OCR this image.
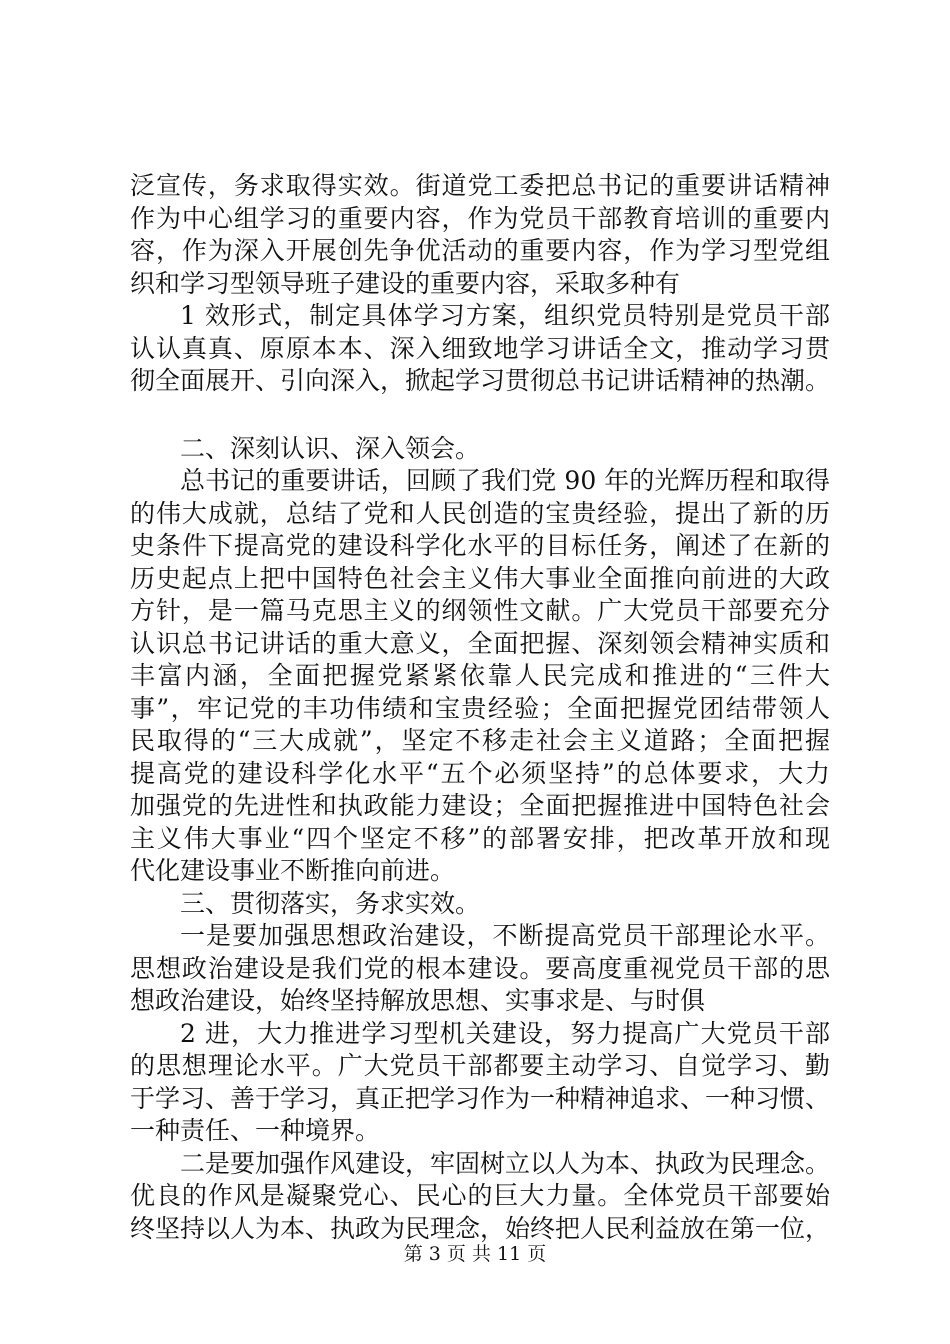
泛宣传，务求取得实效。街道党工委把总书记的重要讲话精神
作为中心组学习的重要内容，作为党员干部教育培训的重要内
容，作为深入开展创先争优活动的重要内容，作为学习型党组
织和学习型领导班子建设的重要内容，采取多种有
1 效形式，制定具体学习方案，组织党员特别是党员干部
认认真真、原原本本、深入细致地学习讲话全文，推动学习贯
彻全面展开、引向深入，掀起学习贯彻总书记讲话精神的热潮。
二、深刻认识、深入领会。
总书记的重要讲话，回顾了我们党 90 年的光辉历程和取得
的伟大成就，总结了党和人民创造的宝贵经验，提出了新的历
史条件下提高党的建设科学化水平的目标任务，阐述了在新的
历史起点上把中国特色社会主义伟大事业全面推向前进的大政
方针，是一篇马克思主义的纲领性文献。广大党员干部要充分
认识总书记讲话的重大意义，全面把握、深刻领会精神实质和
丰富内涵，全面把握党紧紧依靠人民完成和推进的“三件大
事”，牢记党的丰功伟绩和宝贵经验；全面把握党团结带领人
民取得的“三大成就”，坚定不移走社会主义道路；全面把握
提高党的建设科学化水平“五个必须坚持”的总体要求，大力
加强党的先进性和执政能力建设；全面把握推进中国特色社会
主义伟大事业“四个坚定不移”的部署安排，把改革开放和现
代化建设事业不断推向前进。
三、贯彻落实，务求实效。
一是要加强思想政治建设，不断提高党员干部理论水平。
思想政治建设是我们党的根本建设。要高度重视党员干部的思
想政治建设，始终坚持解放思想、实事求是、与时俱
2 进，大力推进学习型机关建设，努力提高广大党员干部
的思想理论水平。广大党员干部都要主动学习、自觉学习、勤
于学习、善于学习，真正把学习作为一种精神追求、一种习惯、
一种责任、一种境界。
二是要加强作风建设，牢固树立以人为本、执政为民理念。
优良的作风是凝聚党心、民心的巨大力量。全体党员干部要始
终坚持以人为本、执政为民理念，始终把人民利益放在第一位，
第 3 页 共 11 页
